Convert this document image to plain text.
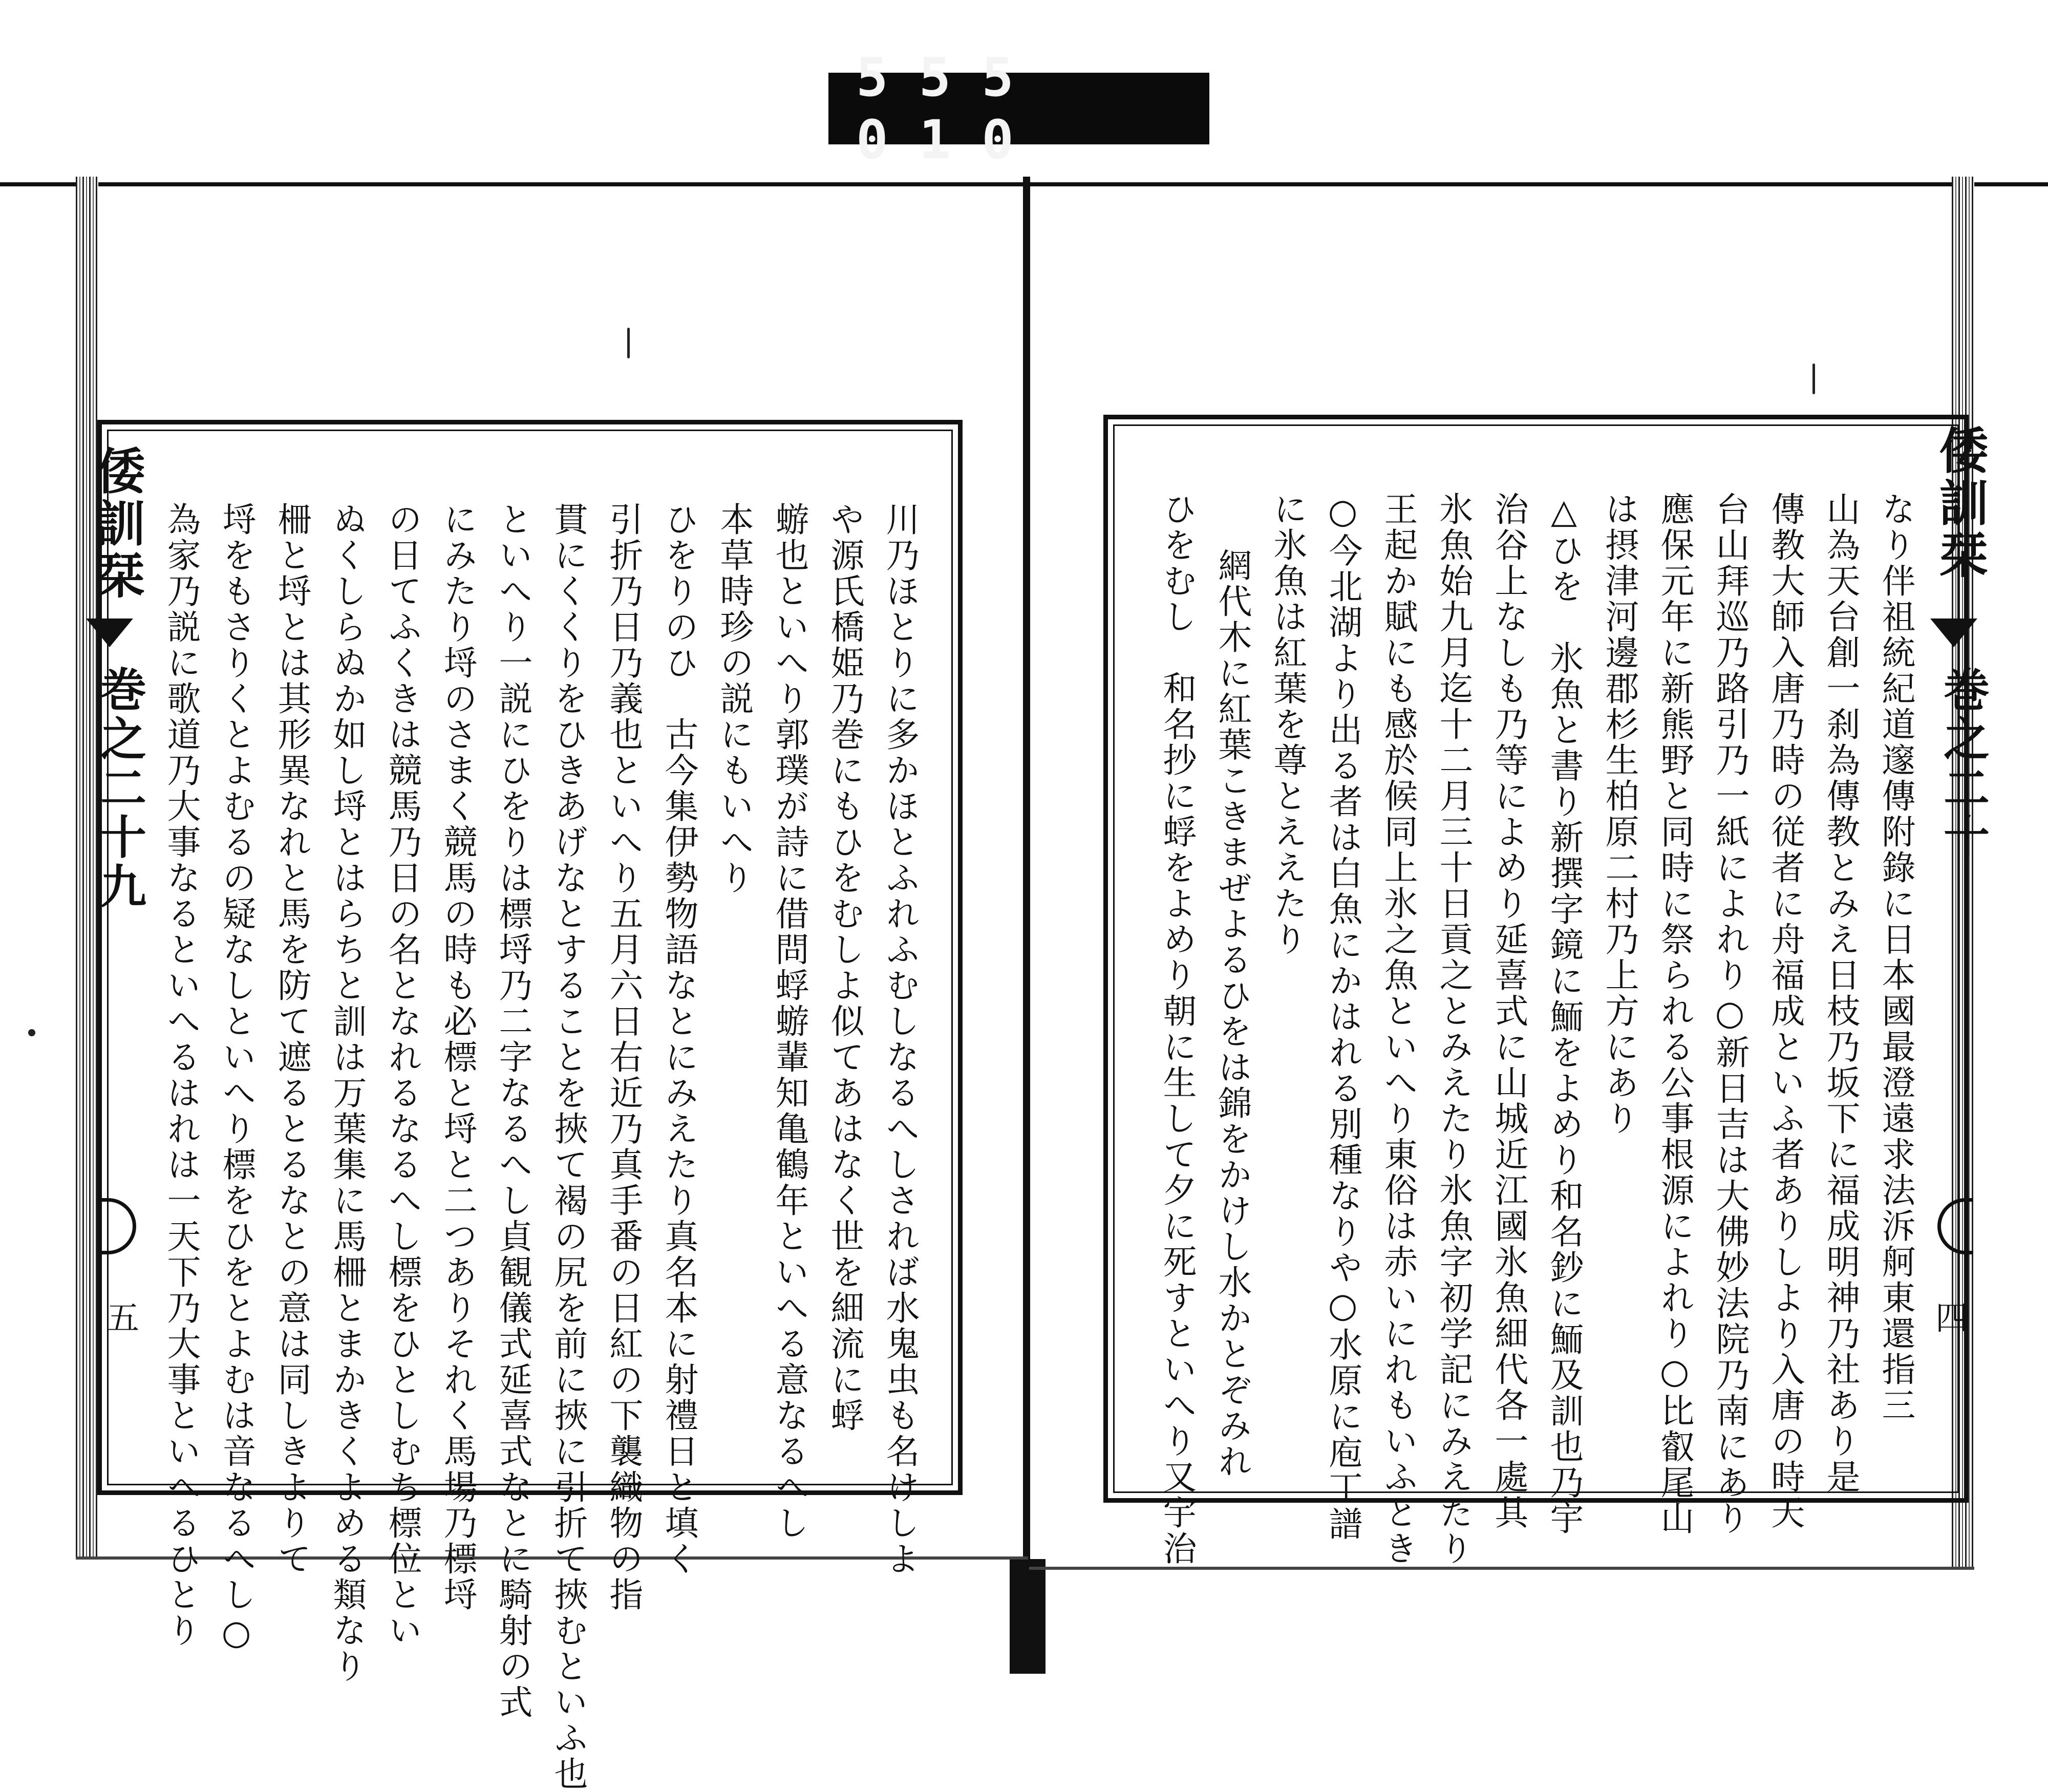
555 010
倭訓栞
巻之二十九
五	川乃ほとりに多かほとふれふむしなるへしされば水鬼虫も名けしよ
や源氏橋姫乃巻にもひをむしよ似てあはなく世を細流に蜉
蝣也といへり郭璞が詩に借問蜉蝣輩知亀鶴年といへる意なるへし
本草時珍の説にもいへり
ひをりのひ　古今集伊勢物語なとにみえたり真名本に射禮日と填く
引折乃日乃義也といへり五月六日右近乃真手番の日紅の下襲織物の指
貫にくくりをひきあげなとすることを挾て褐の尻を前に挾に引折て挾むといふ也
といへり一説にひをりは標埒乃二字なるへし貞観儀式延喜式なとに騎射の式
にみたり埒のさまく競馬の時も必標と埒と二つありそれく馬場乃標埒
の日てふくきは競馬乃日の名となれるなるへし標をひとしむち標位とい
ぬくしらぬか如し埒とはらちと訓は万葉集に馬柵とまかきくよめる類なり
柵と埒とは其形異なれと馬を防て遮るとるなとの意は同しきよりて
埒をもさりくとよむるの疑なしといへり標をひをとよむは音なるへし○
為家乃説に歌道乃大事なるといへるはれは一天下乃大事といへるひとり	倭訓栞
巻之二十
四
なり伴祖統紀道邃傳附錄に日本國最澄遠求法泝舸東還指三
山為天台創一刹為傳教とみえ日枝乃坂下に福成明神乃社あり是
傳教大師入唐乃時の従者に舟福成といふ者ありしより入唐の時天
台山拜巡乃路引乃一紙によれり○新日吉は大佛妙法院乃南にあり
應保元年に新熊野と同時に祭られる公事根源によれり○比叡尾山
は摂津河邊郡杉生柏原二村乃上方にあり
△ひを　氷魚と書り新撰字鏡に鮞をよめり和名鈔に鮞及訓也乃宇
治谷上なしも乃等によめり延喜式に山城近江國氷魚細代各一處其
氷魚始九月迄十二月三十日貢之とみえたり氷魚字初学記にみえたり
王起か賦にも感於候同上氷之魚といへり東俗は赤いにれもいふとき
○今北湖より出る者は白魚にかはれる別種なりや○水原に庖丁譜
に氷魚は紅葉を尊とええたり
網代木に紅葉こきまぜよるひをは錦をかけし水かとぞみれ
ひをむし　和名抄に蜉をよめり朝に生して夕に死すといへり又宇治
